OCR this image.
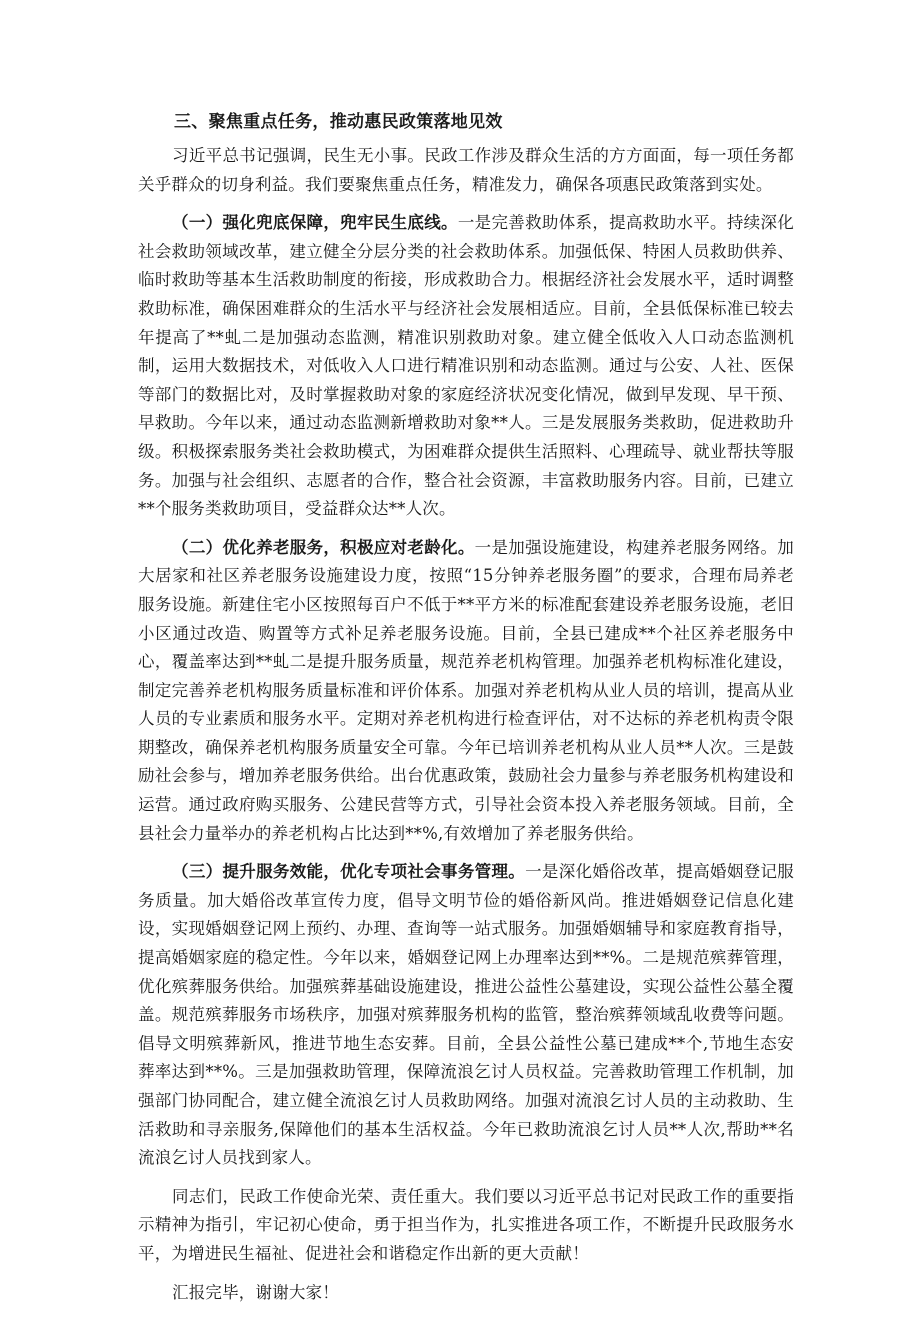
三、聚焦重点任务，推动惠民政策落地见效

习近平总书记强调，民生无小事。民政工作涉及群众生活的方方面面，每一项任务都关乎群众的切身利益。我们要聚焦重点任务，精准发力，确保各项惠民政策落到实处。

（一）强化兜底保障，兜牢民生底线。一是完善救助体系，提高救助水平。持续深化社会救助领域改革，建立健全分层分类的社会救助体系。加强低保、特困人员救助供养、临时救助等基本生活救助制度的衔接，形成救助合力。根据经济社会发展水平，适时调整救助标准，确保困难群众的生活水平与经济社会发展相适应。目前，全县低保标准已较去年提高了**虬二是加强动态监测，精准识别救助对象。建立健全低收入人口动态监测机制，运用大数据技术，对低收入人口进行精准识别和动态监测。通过与公安、人社、医保等部门的数据比对，及时掌握救助对象的家庭经济状况变化情况，做到早发现、早干预、早救助。今年以来，通过动态监测新增救助对象**人。三是发展服务类救助，促进救助升级。积极探索服务类社会救助模式，为困难群众提供生活照料、心理疏导、就业帮扶等服务。加强与社会组织、志愿者的合作，整合社会资源，丰富救助服务内容。目前，已建立**个服务类救助项目，受益群众达**人次。

（二）优化养老服务，积极应对老龄化。一是加强设施建设，构建养老服务网络。加大居家和社区养老服务设施建设力度，按照“15分钟养老服务圈”的要求，合理布局养老服务设施。新建住宅小区按照每百户不低于**平方米的标准配套建设养老服务设施，老旧小区通过改造、购置等方式补足养老服务设施。目前，全县已建成**个社区养老服务中心，覆盖率达到**虬二是提升服务质量，规范养老机构管理。加强养老机构标准化建设，制定完善养老机构服务质量标准和评价体系。加强对养老机构从业人员的培训，提高从业人员的专业素质和服务水平。定期对养老机构进行检查评估，对不达标的养老机构责令限期整改，确保养老机构服务质量安全可靠。今年已培训养老机构从业人员**人次。三是鼓励社会参与，增加养老服务供给。出台优惠政策，鼓励社会力量参与养老服务机构建设和运营。通过政府购买服务、公建民营等方式，引导社会资本投入养老服务领域。目前，全县社会力量举办的养老机构占比达到**%,有效增加了养老服务供给。

（三）提升服务效能，优化专项社会事务管理。一是深化婚俗改革，提高婚姻登记服务质量。加大婚俗改革宣传力度，倡导文明节俭的婚俗新风尚。推进婚姻登记信息化建设，实现婚姻登记网上预约、办理、查询等一站式服务。加强婚姻辅导和家庭教育指导，提高婚姻家庭的稳定性。今年以来，婚姻登记网上办理率达到**%。二是规范殡葬管理，优化殡葬服务供给。加强殡葬基础设施建设，推进公益性公墓建设，实现公益性公墓全覆盖。规范殡葬服务市场秩序，加强对殡葬服务机构的监管，整治殡葬领域乱收费等问题。倡导文明殡葬新风，推进节地生态安葬。目前，全县公益性公墓已建成**个,节地生态安葬率达到**%。三是加强救助管理，保障流浪乞讨人员权益。完善救助管理工作机制，加强部门协同配合，建立健全流浪乞讨人员救助网络。加强对流浪乞讨人员的主动救助、生活救助和寻亲服务,保障他们的基本生活权益。今年已救助流浪乞讨人员**人次,帮助**名流浪乞讨人员找到家人。

同志们，民政工作使命光荣、责任重大。我们要以习近平总书记对民政工作的重要指示精神为指引，牢记初心使命，勇于担当作为，扎实推进各项工作，不断提升民政服务水平，为增进民生福祉、促进社会和谐稳定作出新的更大贡献！

汇报完毕，谢谢大家！
